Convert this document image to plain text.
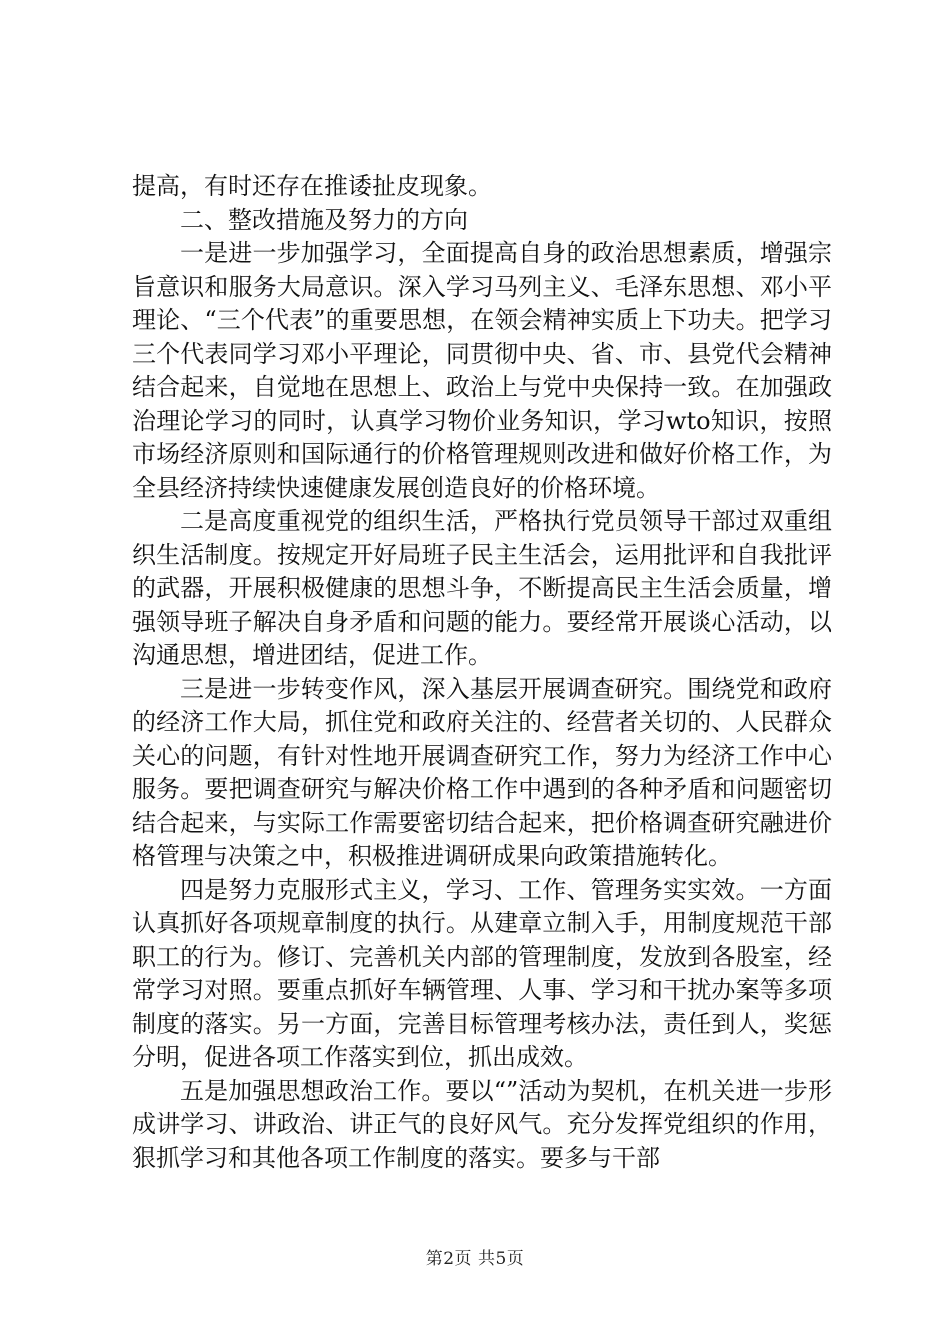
提高，有时还存在推诿扯皮现象。

二、整改措施及努力的方向

一是进一步加强学习，全面提高自身的政治思想素质，增强宗旨意识和服务大局意识。深入学习马列主义、毛泽东思想、邓小平理论、“三个代表”的重要思想，在领会精神实质上下功夫。把学习三个代表同学习邓小平理论，同贯彻中央、省、市、县党代会精神结合起来，自觉地在思想上、政治上与党中央保持一致。在加强政治理论学习的同时，认真学习物价业务知识，学习wto知识，按照市场经济原则和国际通行的价格管理规则改进和做好价格工作，为全县经济持续快速健康发展创造良好的价格环境。

二是高度重视党的组织生活，严格执行党员领导干部过双重组织生活制度。按规定开好局班子民主生活会，运用批评和自我批评的武器，开展积极健康的思想斗争，不断提高民主生活会质量，增强领导班子解决自身矛盾和问题的能力。要经常开展谈心活动，以沟通思想，增进团结，促进工作。

三是进一步转变作风，深入基层开展调查研究。围绕党和政府的经济工作大局，抓住党和政府关注的、经营者关切的、人民群众关心的问题，有针对性地开展调查研究工作，努力为经济工作中心服务。要把调查研究与解决价格工作中遇到的各种矛盾和问题密切结合起来，与实际工作需要密切结合起来，把价格调查研究融进价格管理与决策之中，积极推进调研成果向政策措施转化。

四是努力克服形式主义，学习、工作、管理务实实效。一方面认真抓好各项规章制度的执行。从建章立制入手，用制度规范干部职工的行为。修订、完善机关内部的管理制度，发放到各股室，经常学习对照。要重点抓好车辆管理、人事、学习和干扰办案等多项制度的落实。另一方面，完善目标管理考核办法，责任到人，奖惩分明，促进各项工作落实到位，抓出成效。

五是加强思想政治工作。要以“”活动为契机，在机关进一步形成讲学习、讲政治、讲正气的良好风气。充分发挥党组织的作用，狠抓学习和其他各项工作制度的落实。要多与干部

第2页 共5页
